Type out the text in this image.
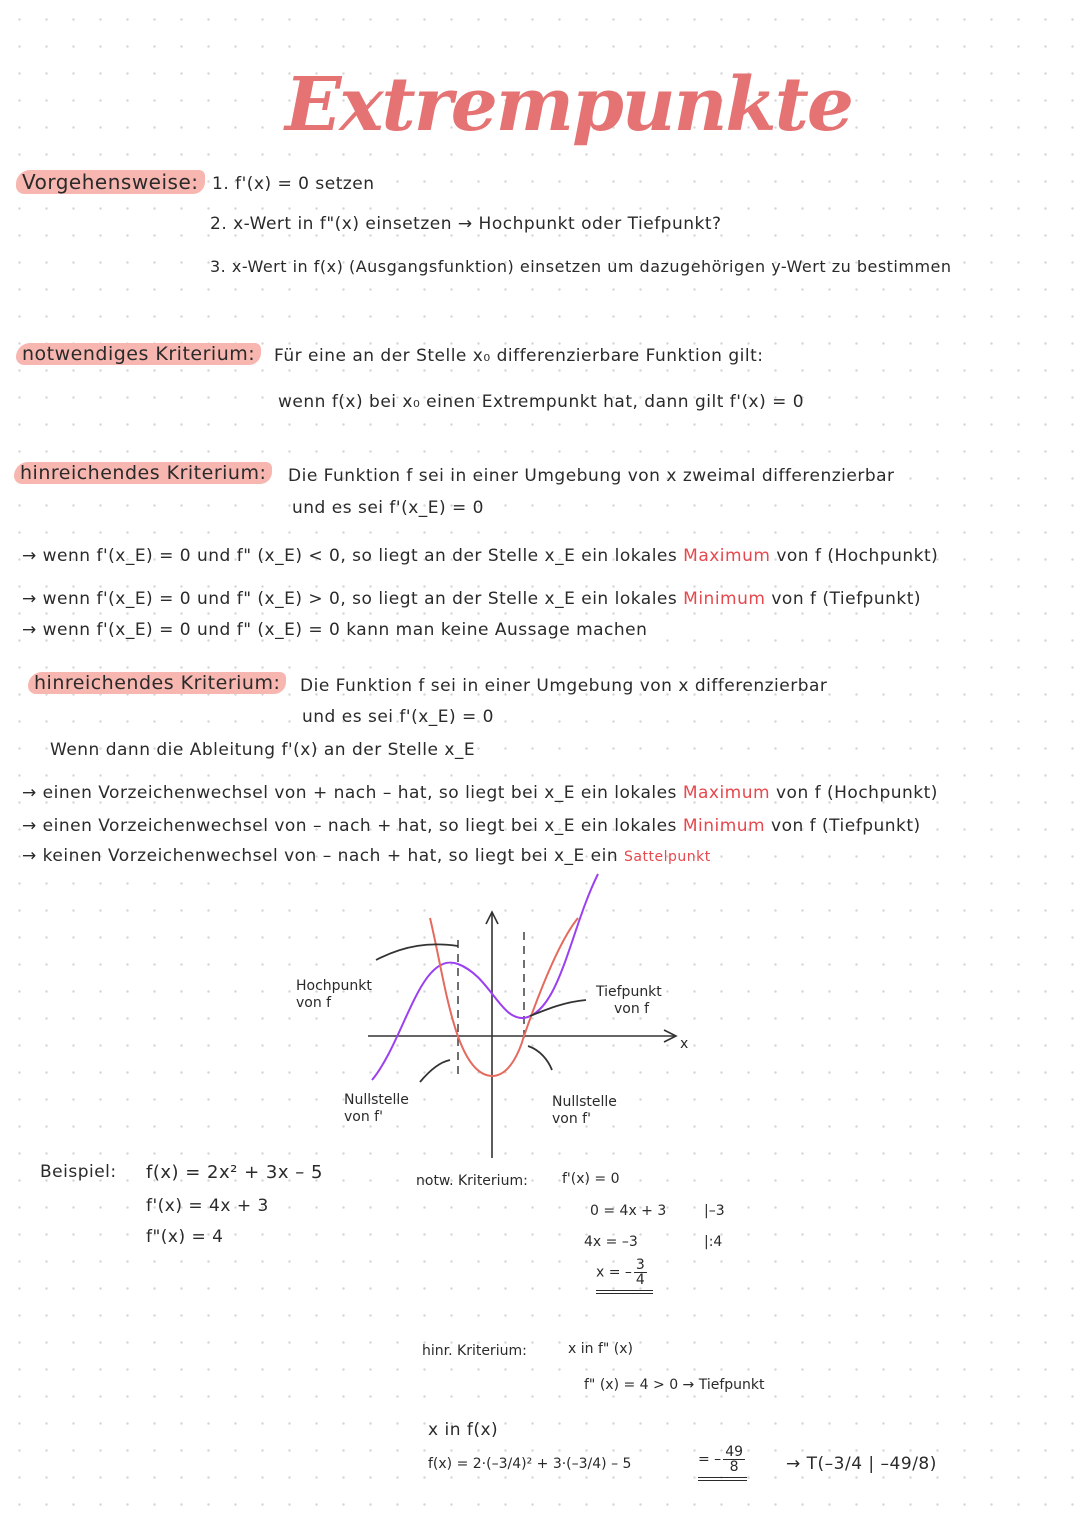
Extrempunkte
Vorgehensweise: 1. f'(x) = 0 setzen
2. x-Wert in f"(x) einsetzen → Hochpunkt oder Tiefpunkt?
3. x-Wert in f(x) (Ausgangsfunktion) einsetzen um dazugehörigen y-Wert zu bestimmen
notwendiges Kriterium:	Für eine an der Stelle x₀ differenzierbare Funktion gilt:
wenn f(x) bei x₀ einen Extrempunkt hat, dann gilt f'(x) = 0
hinreichendes Kriterium:	Die Funktion f sei in einer Umgebung von x zweimal differenzierbar
und es sei f'(x_E) = 0
→ wenn f'(x_E) = 0 und f" (x_E) < 0, so liegt an der Stelle x_E ein lokales Maximum von f (Hochpunkt)
→ wenn f'(x_E) = 0 und f" (x_E) > 0, so liegt an der Stelle x_E ein lokales Minimum von f (Tiefpunkt)
→ wenn f'(x_E) = 0 und f" (x_E) = 0 kann man keine Aussage machen
hinreichendes Kriterium:	Die Funktion f sei in einer Umgebung von x differenzierbar
und es sei f'(x_E) = 0
Wenn dann die Ableitung f'(x) an der Stelle x_E
→ einen Vorzeichenwechsel von + nach – hat, so liegt bei x_E ein lokales Maximum von f (Hochpunkt)
→ einen Vorzeichenwechsel von – nach + hat, so liegt bei x_E ein lokales Minimum von f (Tiefpunkt)
→ keinen Vorzeichenwechsel von – nach + hat, so liegt bei x_E ein Sattelpunkt
Hochpunkt
von f
Tiefpunkt
von f
x
Nullstelle
von f'
Nullstelle
von f'
Beispiel: f(x) = 2x² + 3x – 5
f'(x) = 4x + 3
f"(x) = 4
notw. Kriterium: f'(x) = 0
0 = 4x + 3	|–3
4x = –3	|:4
x = – $\frac{3}{4}$
hinr. Kriterium:	x in f" (x)
f" (x) = 4 > 0 → Tiefpunkt
x in f(x)
f(x) = 2·(–3/4)² + 3·(–3/4) – 5	= – $\frac{49}{8} \to T(-3/4$ | –49/8)
